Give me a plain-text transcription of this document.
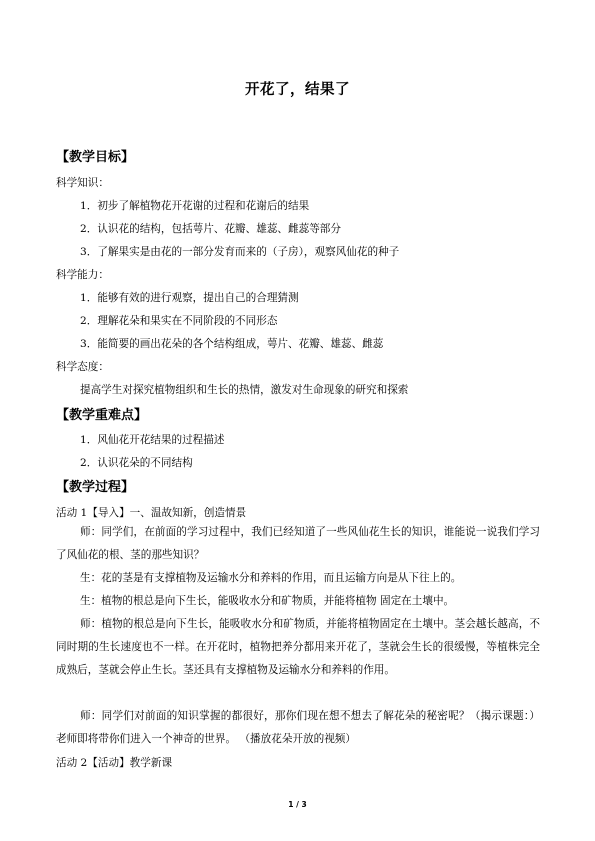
开花了，结果了
【教学目标】
科学知识：
1．初步了解植物花开花谢的过程和花谢后的结果
2．认识花的结构，包括萼片、花瓣、雄蕊、雌蕊等部分
3．了解果实是由花的一部分发育而来的（子房），观察风仙花的种子
科学能力：
1．能够有效的进行观察，提出自己的合理猜测
2．理解花朵和果实在不同阶段的不同形态
3．能简要的画出花朵的各个结构组成，萼片、花瓣、雄蕊、雌蕊
科学态度：
提高学生对探究植物组织和生长的热情，激发对生命现象的研究和探索
【教学重难点】
1．风仙花开花结果的过程描述
2．认识花朵的不同结构
【教学过程】
活动 1【导入】一、温故知新，创造情景
师：同学们，在前面的学习过程中，我们已经知道了一些风仙花生长的知识，谁能说一说我们学习了风仙花的根、茎的那些知识？
生：花的茎是有支撑植物及运输水分和养料的作用，而且运输方向是从下往上的。
生：植物的根总是向下生长，能吸收水分和矿物质，并能将植物 固定在土壤中。
师：植物的根总是向下生长，能吸收水分和矿物质，并能将植物固定在土壤中。茎会越长越高，不同时期的生长速度也不一样。在开花时，植物把养分都用来开花了，茎就会生长的很缓慢，等植株完全成熟后，茎就会停止生长。茎还具有支撑植物及运输水分和养料的作用。
师：同学们对前面的知识掌握的都很好，那你们现在想不想去了解花朵的秘密呢？（揭示课题：）老师即将带你们进入一个神奇的世界。 （播放花朵开放的视频）
活动 2【活动】教学新课
1 / 3
